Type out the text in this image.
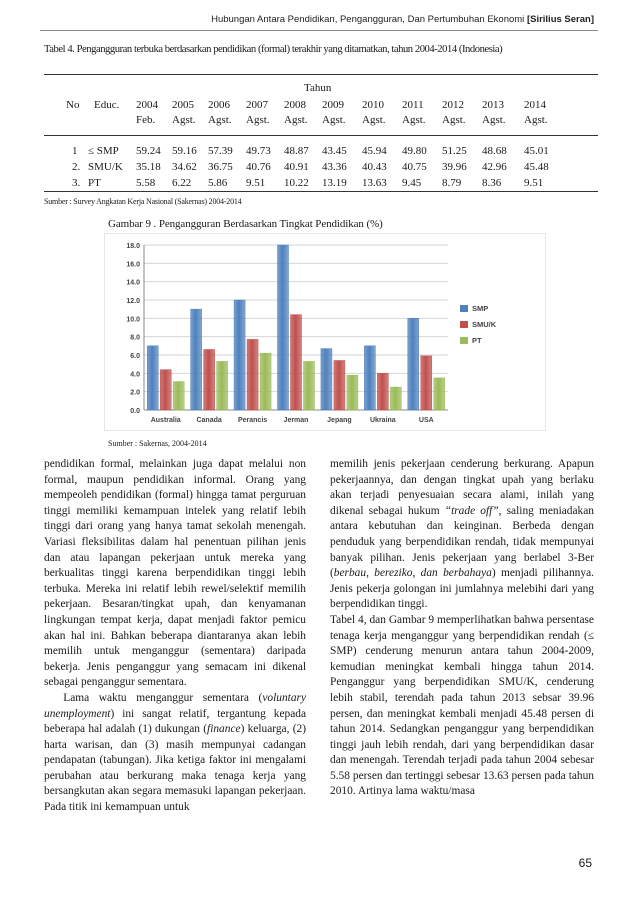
Hubungan Antara Pendidikan, Pengangguran, Dan Pertumbuhan Ekonomi [Sirilius Seran]
Tabel 4. Pengangguran terbuka berdasarkan pendidikan (formal) terakhir yang ditamatkan, tahun 2004-2014 (Indonesia)
Tahun
No Educ. 2004 2005 2006 2007 2008 2009 2010 2011 2012 2013 2014
Feb. Agst. Agst. Agst. Agst. Agst. Agst. Agst. Agst. Agst. Agst.
1 ≤ SMP 59.24 59.16 57.39 49.73 48.87 43.45 45.94 49.80 51.25 48.68 45.01
2. SMU/K 35.18 34.62 36.75 40.76 40.91 43.36 40.43 40.75 39.96 42.96 45.48
3. PT	5.58 6.22 5.86 9.51 10.22 13.19 13.63 9.45 8.79 8.36 9.51
Sumber : Survey Angkatan Kerja Nasional (Sakernas) 2004-2014
Gambar 9 . Pengangguran Berdasarkan Tingkat Pendidikan (%)
0.0
2.0
4.0
6.0
8.0
10.0
12.0
14.0
16.0
18.0
Australia Canada Perancis Jerman	Jepang	Ukraina	USA
SMP
SMU/K
PT
Sumber : Sakernas, 2004-2014

pendidikan formal, melainkan juga dapat melalui non formal, maupun pendidikan informal. Orang yang mempeoleh pendidikan (formal) hingga tamat perguruan tinggi memiliki kemampuan intelek yang relatif lebih tinggi dari orang yang hanya tamat sekolah menengah. Variasi fleksibilitas dalam hal penentuan pilihan jenis dan atau lapangan pekerjaan untuk mereka yang berkualitas tinggi karena berpendidikan tinggi lebih terbuka. Mereka ini relatif lebih rewel/selektif memilih pekerjaan. Besaran/tingkat upah, dan kenyamanan lingkungan tempat kerja, dapat menjadi faktor pemicu akan hal ini. Bahkan beberapa diantaranya akan lebih memilih untuk menganggur (sementara) daripada bekerja. Jenis penganggur yang semacam ini dikenal sebagai penganggur sementara.

Lama waktu menganggur sementara (voluntary unemployment) ini sangat relatif, tergantung kepada beberapa hal adalah (1) dukungan (finance) keluarga, (2) harta warisan, dan (3) masih mempunyai cadangan pendapatan (tabungan). Jika ketiga faktor ini mengalami perubahan atau berkurang maka tenaga kerja yang bersangkutan akan segara memasuki lapangan pekerjaan. Pada titik ini kemampuan untuk

memilih jenis pekerjaan cenderung berkurang. Apapun pekerjaannya, dan dengan tingkat upah yang berlaku akan terjadi penyesuaian secara alami, inilah yang dikenal sebagai hukum “trade off”, saling meniadakan antara kebutuhan dan keinginan. Berbeda dengan penduduk yang berpendidikan rendah, tidak mempunyai banyak pilihan. Jenis pekerjaan yang berlabel 3-Ber (berbau, bereziko, dan berbahaya) menjadi pilihannya. Jenis pekerja golongan ini jumlahnya melebihi dari yang berpendidikan tinggi.

Tabel 4, dan Gambar 9 memperlihatkan bahwa persentase tenaga kerja menganggur yang berpendidikan rendah (≤ SMP) cenderung menurun antara tahun 2004-2009, kemudian meningkat kembali hingga tahun 2014. Penganggur yang berpendidikan SMU/K, cenderung lebih stabil, terendah pada tahun 2013 sebsar 39.96 persen, dan meningkat kembali menjadi 45.48 persen di tahun 2014. Sedangkan penganggur yang berpendidikan tinggi jauh lebih rendah, dari yang berpendidikan dasar dan menengah. Terendah terjadi pada tahun 2004 sebesar 5.58 persen dan tertinggi sebesar 13.63 persen pada tahun 2010. Artinya lama waktu/masa

65
